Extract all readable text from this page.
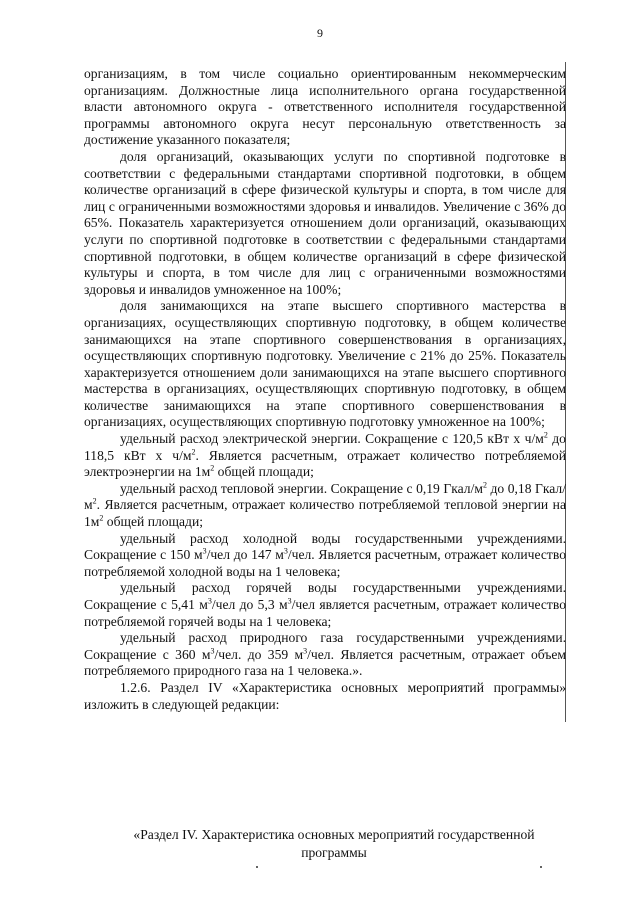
9

организациям, в том числе социально ориентированным некоммерческим организациям. Должностные лица исполнительного органа государственной власти автономного округа - ответственного исполнителя государственной программы автономного округа несут персональную ответственность за достижение указанного показателя;

доля организаций, оказывающих услуги по спортивной подготовке в соответствии с федеральными стандартами спортивной подготовки, в общем количестве организаций в сфере физической культуры и спорта, в том числе для лиц с ограниченными возможностями здоровья и инвалидов. Увеличение с 36% до 65%. Показатель характеризуется отношением доли организаций, оказывающих услуги по спортивной подготовке в соответствии с федеральными стандартами спортивной подготовки, в общем количестве организаций в сфере физической культуры и спорта, в том числе для лиц с ограниченными возможностями здоровья и инвалидов умноженное на 100%;

доля занимающихся на этапе высшего спортивного мастерства в организациях, осуществляющих спортивную подготовку, в общем количестве занимающихся на этапе спортивного совершенствования в организациях, осуществляющих спортивную подготовку. Увеличение с 21% до 25%. Показатель характеризуется отношением доли занимающихся на этапе высшего спортивного мастерства в организациях, осуществляющих спортивную подготовку, в общем количестве занимающихся на этапе спортивного совершенствования в организациях, осуществляющих спортивную подготовку умноженное на 100%;

удельный расход электрической энергии. Сокращение с 120,5 кВт х $ч/м^2$ до 118,5 кВт х $ч/м^2$. Является расчетным, отражает количество потребляемой электроэнергии на $1м^2$ общей площади;

удельный расход тепловой энергии. Сокращение с 0,19 Гкал/$м^2$ до 0,18 Гкал/$м^2$. Является расчетным, отражает количество потребляемой тепловой энергии на $1м^2$ общей площади;

удельный расход холодной воды государственными учреждениями. Сокращение с 150 $м^3$/чел до 147 $м^3$/чел. Является расчетным, отражает количество потребляемой холодной воды на 1 человека;

удельный расход горячей воды государственными учреждениями. Сокращение с 5,41 $м^3$/чел до 5,3 $м^3$/чел является расчетным, отражает количество потребляемой горячей воды на 1 человека;

удельный расход природного газа государственными учреждениями. Сокращение с 360 $м^3$/чел. до 359 $м^3$/чел. Является расчетным, отражает объем потребляемого природного газа на 1 человека.».

1.2.6. Раздел IV «Характеристика основных мероприятий программы» изложить в следующей редакции:

«Раздел IV. Характеристика основных мероприятий государственной
программы
